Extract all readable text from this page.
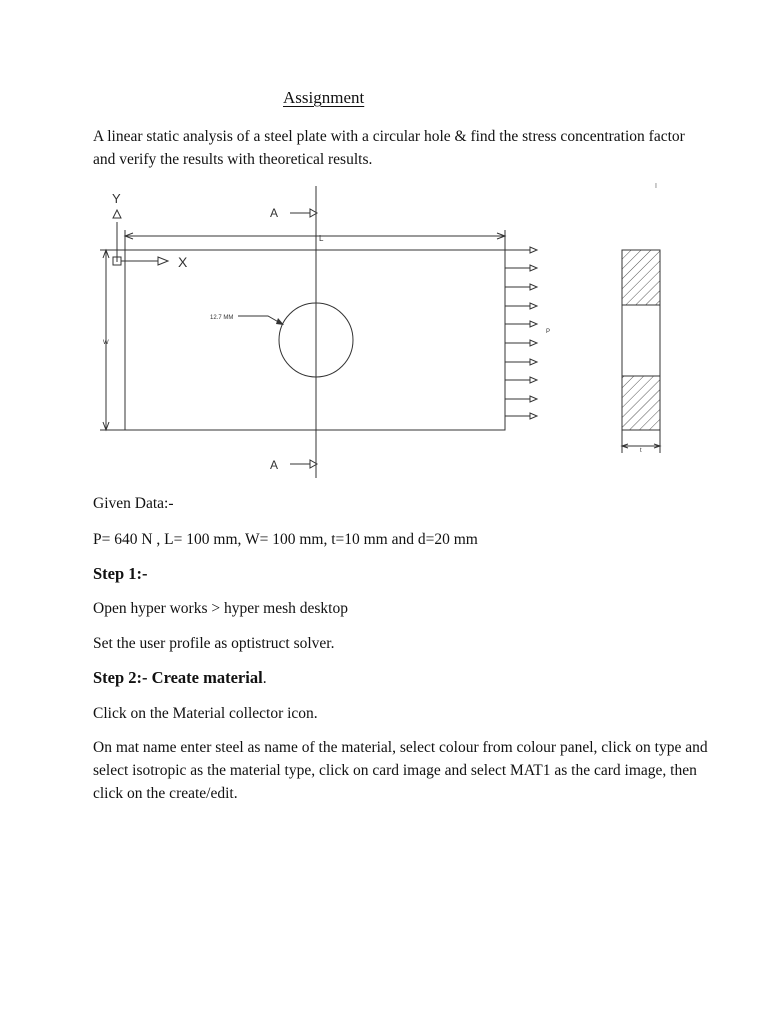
Assignment
A linear static analysis of a steel plate with a circular hole & find the stress concentration factor and verify the results with theoretical results.
Y
X
L
W
A
A
12.7 MM
P
t
I
Given Data:-
P= 640 N , L= 100 mm, W= 100 mm, t=10 mm and d=20 mm
Step 1:-
Open hyper works > hyper mesh desktop
Set the user profile as optistruct solver.
Step 2:- Create material.
Click on the Material collector icon.
On mat name enter steel as name of the material, select colour from colour panel, click on type and select isotropic as the material type, click on card image and select MAT1 as the card image, then click on the create/edit.
